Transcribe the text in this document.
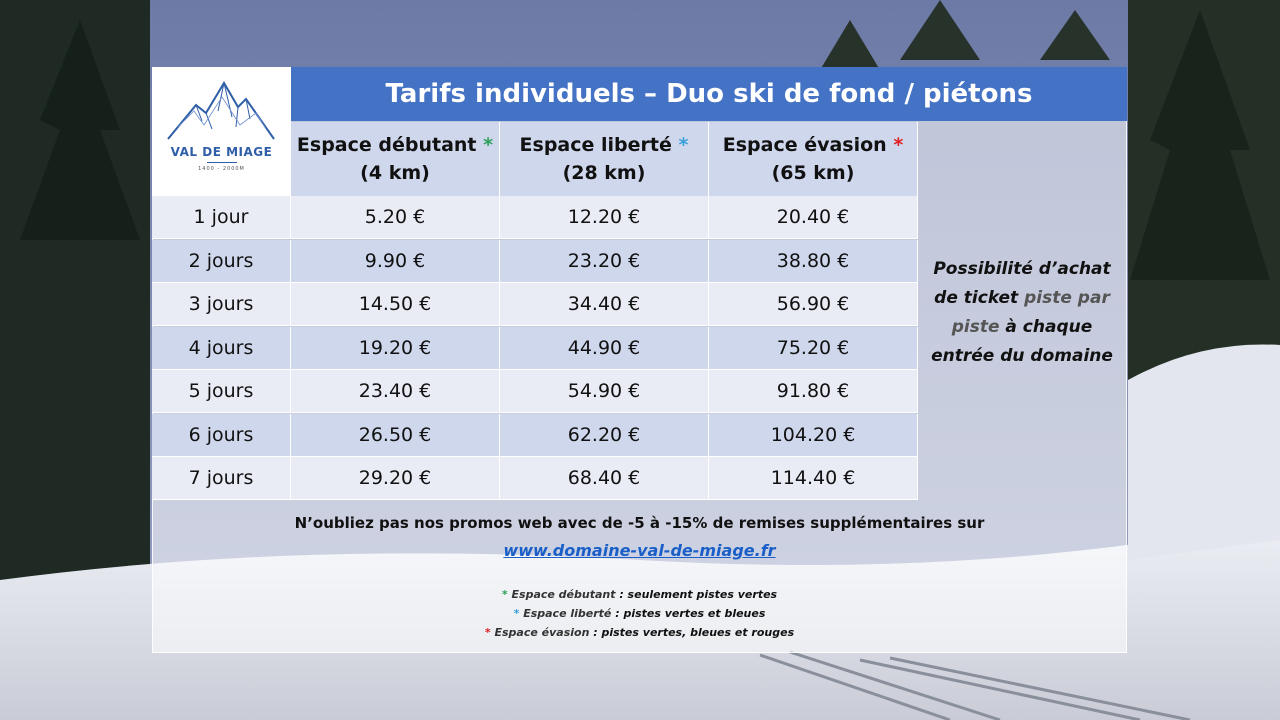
VAL DE MIAGE
1400 - 2000M
Tarifs individuels – Duo ski de fond / piétons
Espace débutant *
(4 km)
Espace liberté *
(28 km)
Espace évasion *
(65 km)
1 jour	5.20 €	12.20 €	20.40 €
2 jours	9.90 €	23.20 €	38.80 €
3 jours	14.50 €	34.40 €	56.90 €
4 jours	19.20 €	44.90 €	75.20 €
5 jours	23.40 €	54.90 €	91.80 €
6 jours	26.50 €	62.20 €	104.20 €
7 jours	29.20 €	68.40 €	114.40 €
Possibilité d’achat de ticket piste par piste à chaque entrée du domaine
N’oubliez pas nos promos web avec de -5 à -15% de remises supplémentaires sur
www.domaine-val-de-miage.fr
* Espace débutant : seulement pistes vertes
* Espace liberté : pistes vertes et bleues
* Espace évasion : pistes vertes, bleues et rouges
